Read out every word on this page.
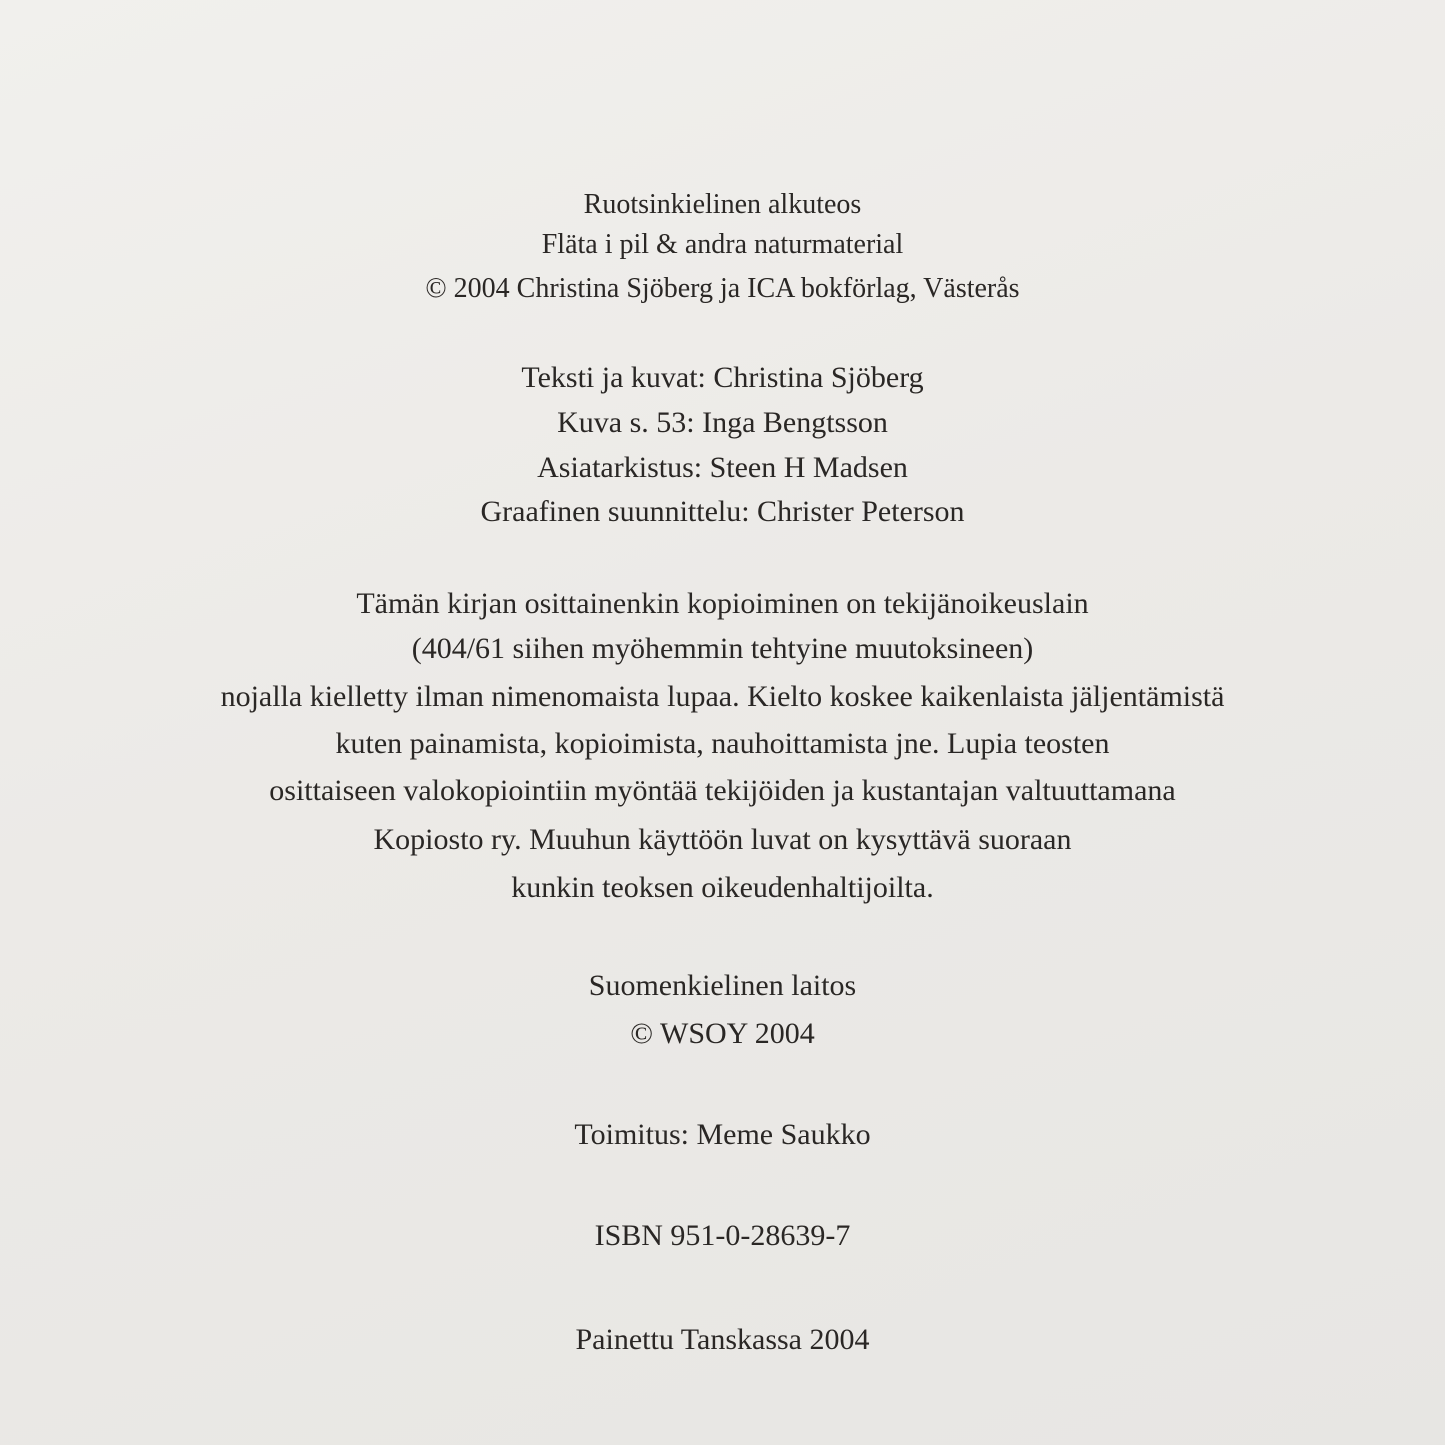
Ruotsinkielinen alkuteos
Fläta i pil & andra naturmaterial
© 2004 Christina Sjöberg ja ICA bokförlag, Västerås
Teksti ja kuvat: Christina Sjöberg
Kuva s. 53: Inga Bengtsson
Asiatarkistus: Steen H Madsen
Graafinen suunnittelu: Christer Peterson
Tämän kirjan osittainenkin kopioiminen on tekijänoikeuslain
(404/61 siihen myöhemmin tehtyine muutoksineen)
nojalla kielletty ilman nimenomaista lupaa. Kielto koskee kaikenlaista jäljentämistä
kuten painamista, kopioimista, nauhoittamista jne. Lupia teosten
osittaiseen valokopiointiin myöntää tekijöiden ja kustantajan valtuuttamana
Kopiosto ry. Muuhun käyttöön luvat on kysyttävä suoraan
kunkin teoksen oikeudenhaltijoilta.
Suomenkielinen laitos
© WSOY 2004
Toimitus: Meme Saukko
ISBN 951-0-28639-7
Painettu Tanskassa 2004
